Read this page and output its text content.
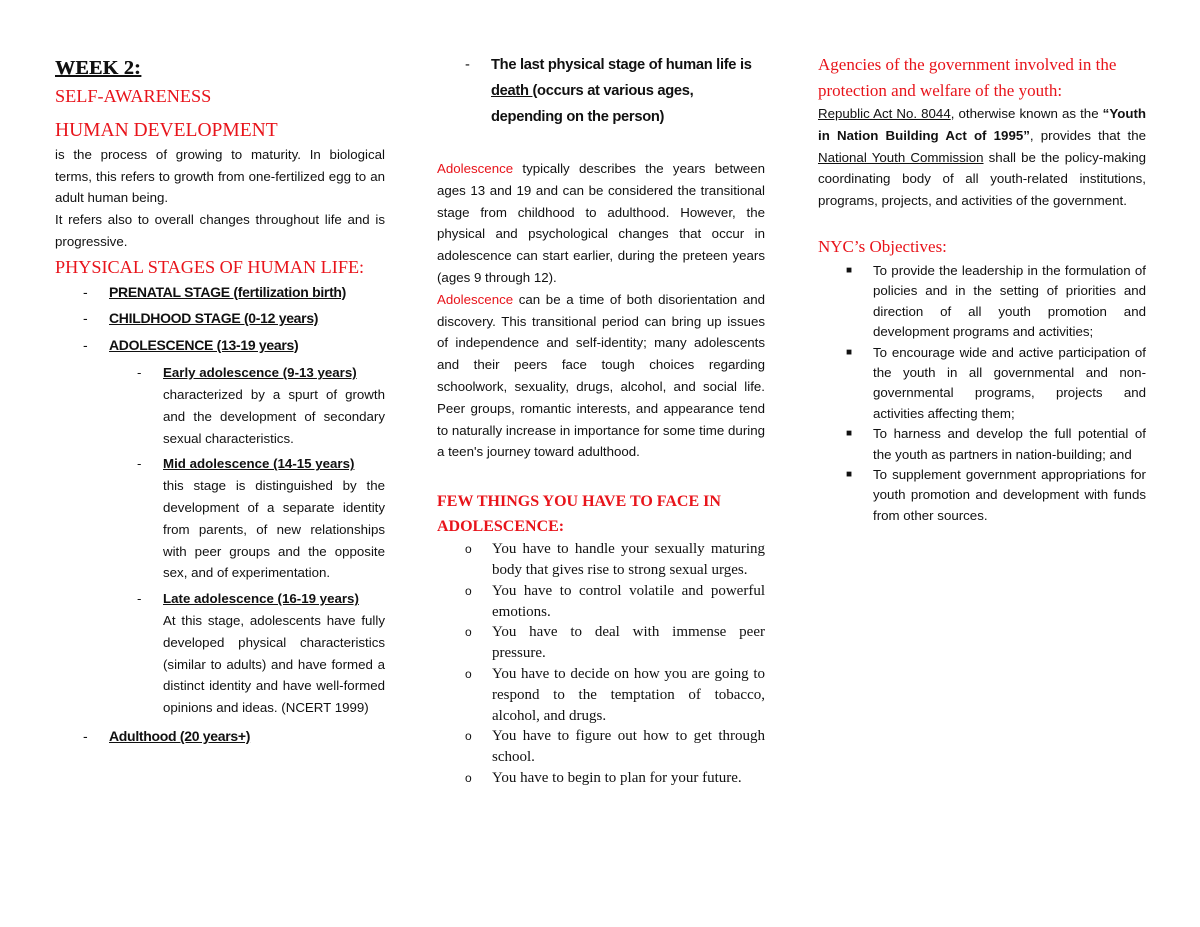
WEEK 2:

SELF-AWARENESS

HUMAN DEVELOPMENT

is the process of growing to maturity. In biological terms, this refers to growth from one-fertilized egg to an adult human being.

It refers also to overall changes throughout life and is progressive.

PHYSICAL STAGES OF HUMAN LIFE:

- PRENATAL STAGE (fertilization birth)
- CHILDHOOD STAGE (0-12 years)
- ADOLESCENCE (13-19 years)
- Early adolescence (9-13 years)
characterized by a spurt of growth and the development of secondary sexual characteristics.
- Mid adolescence (14-15 years)
this stage is distinguished by the development of a separate identity from parents, of new relationships with peer groups and the opposite sex, and of experimentation.
- Late adolescence (16-19 years)
At this stage, adolescents have fully developed physical characteristics (similar to adults) and have formed a distinct identity and have well-formed opinions and ideas. (NCERT 1999)
- Adulthood (20 years+)
- The last physical stage of human life is death (occurs at various ages, depending on the person)

Adolescence typically describes the years between ages 13 and 19 and can be considered the transitional stage from childhood to adulthood. However, the physical and psychological changes that occur in adolescence can start earlier, during the preteen years (ages 9 through 12).

Adolescence can be a time of both disorientation and discovery. This transitional period can bring up issues of independence and self-identity; many adolescents and their peers face tough choices regarding schoolwork, sexuality, drugs, alcohol, and social life. Peer groups, romantic interests, and appearance tend to naturally increase in importance for some time during a teen's journey toward adulthood.

FEW THINGS YOU HAVE TO FACE IN ADOLESCENCE:

o You have to handle your sexually maturing body that gives rise to strong sexual urges.
o You have to control volatile and powerful emotions.
o You have to deal with immense peer pressure.
o You have to decide on how you are going to respond to the temptation of tobacco, alcohol, and drugs.
o You have to figure out how to get through school.
o You have to begin to plan for your future.

Agencies of the government involved in the protection and welfare of the youth:

Republic Act No. 8044, otherwise known as the “Youth in Nation Building Act of 1995”, provides that the National Youth Commission shall be the policy-making coordinating body of all youth-related institutions, programs, projects, and activities of the government.

NYC’s Objectives:

■ To provide the leadership in the formulation of policies and in the setting of priorities and direction of all youth promotion and development programs and activities;
■ To encourage wide and active participation of the youth in all governmental and non-governmental programs, projects and activities affecting them;
■ To harness and develop the full potential of the youth as partners in nation-building; and
■ To supplement government appropriations for youth promotion and development with funds from other sources.
